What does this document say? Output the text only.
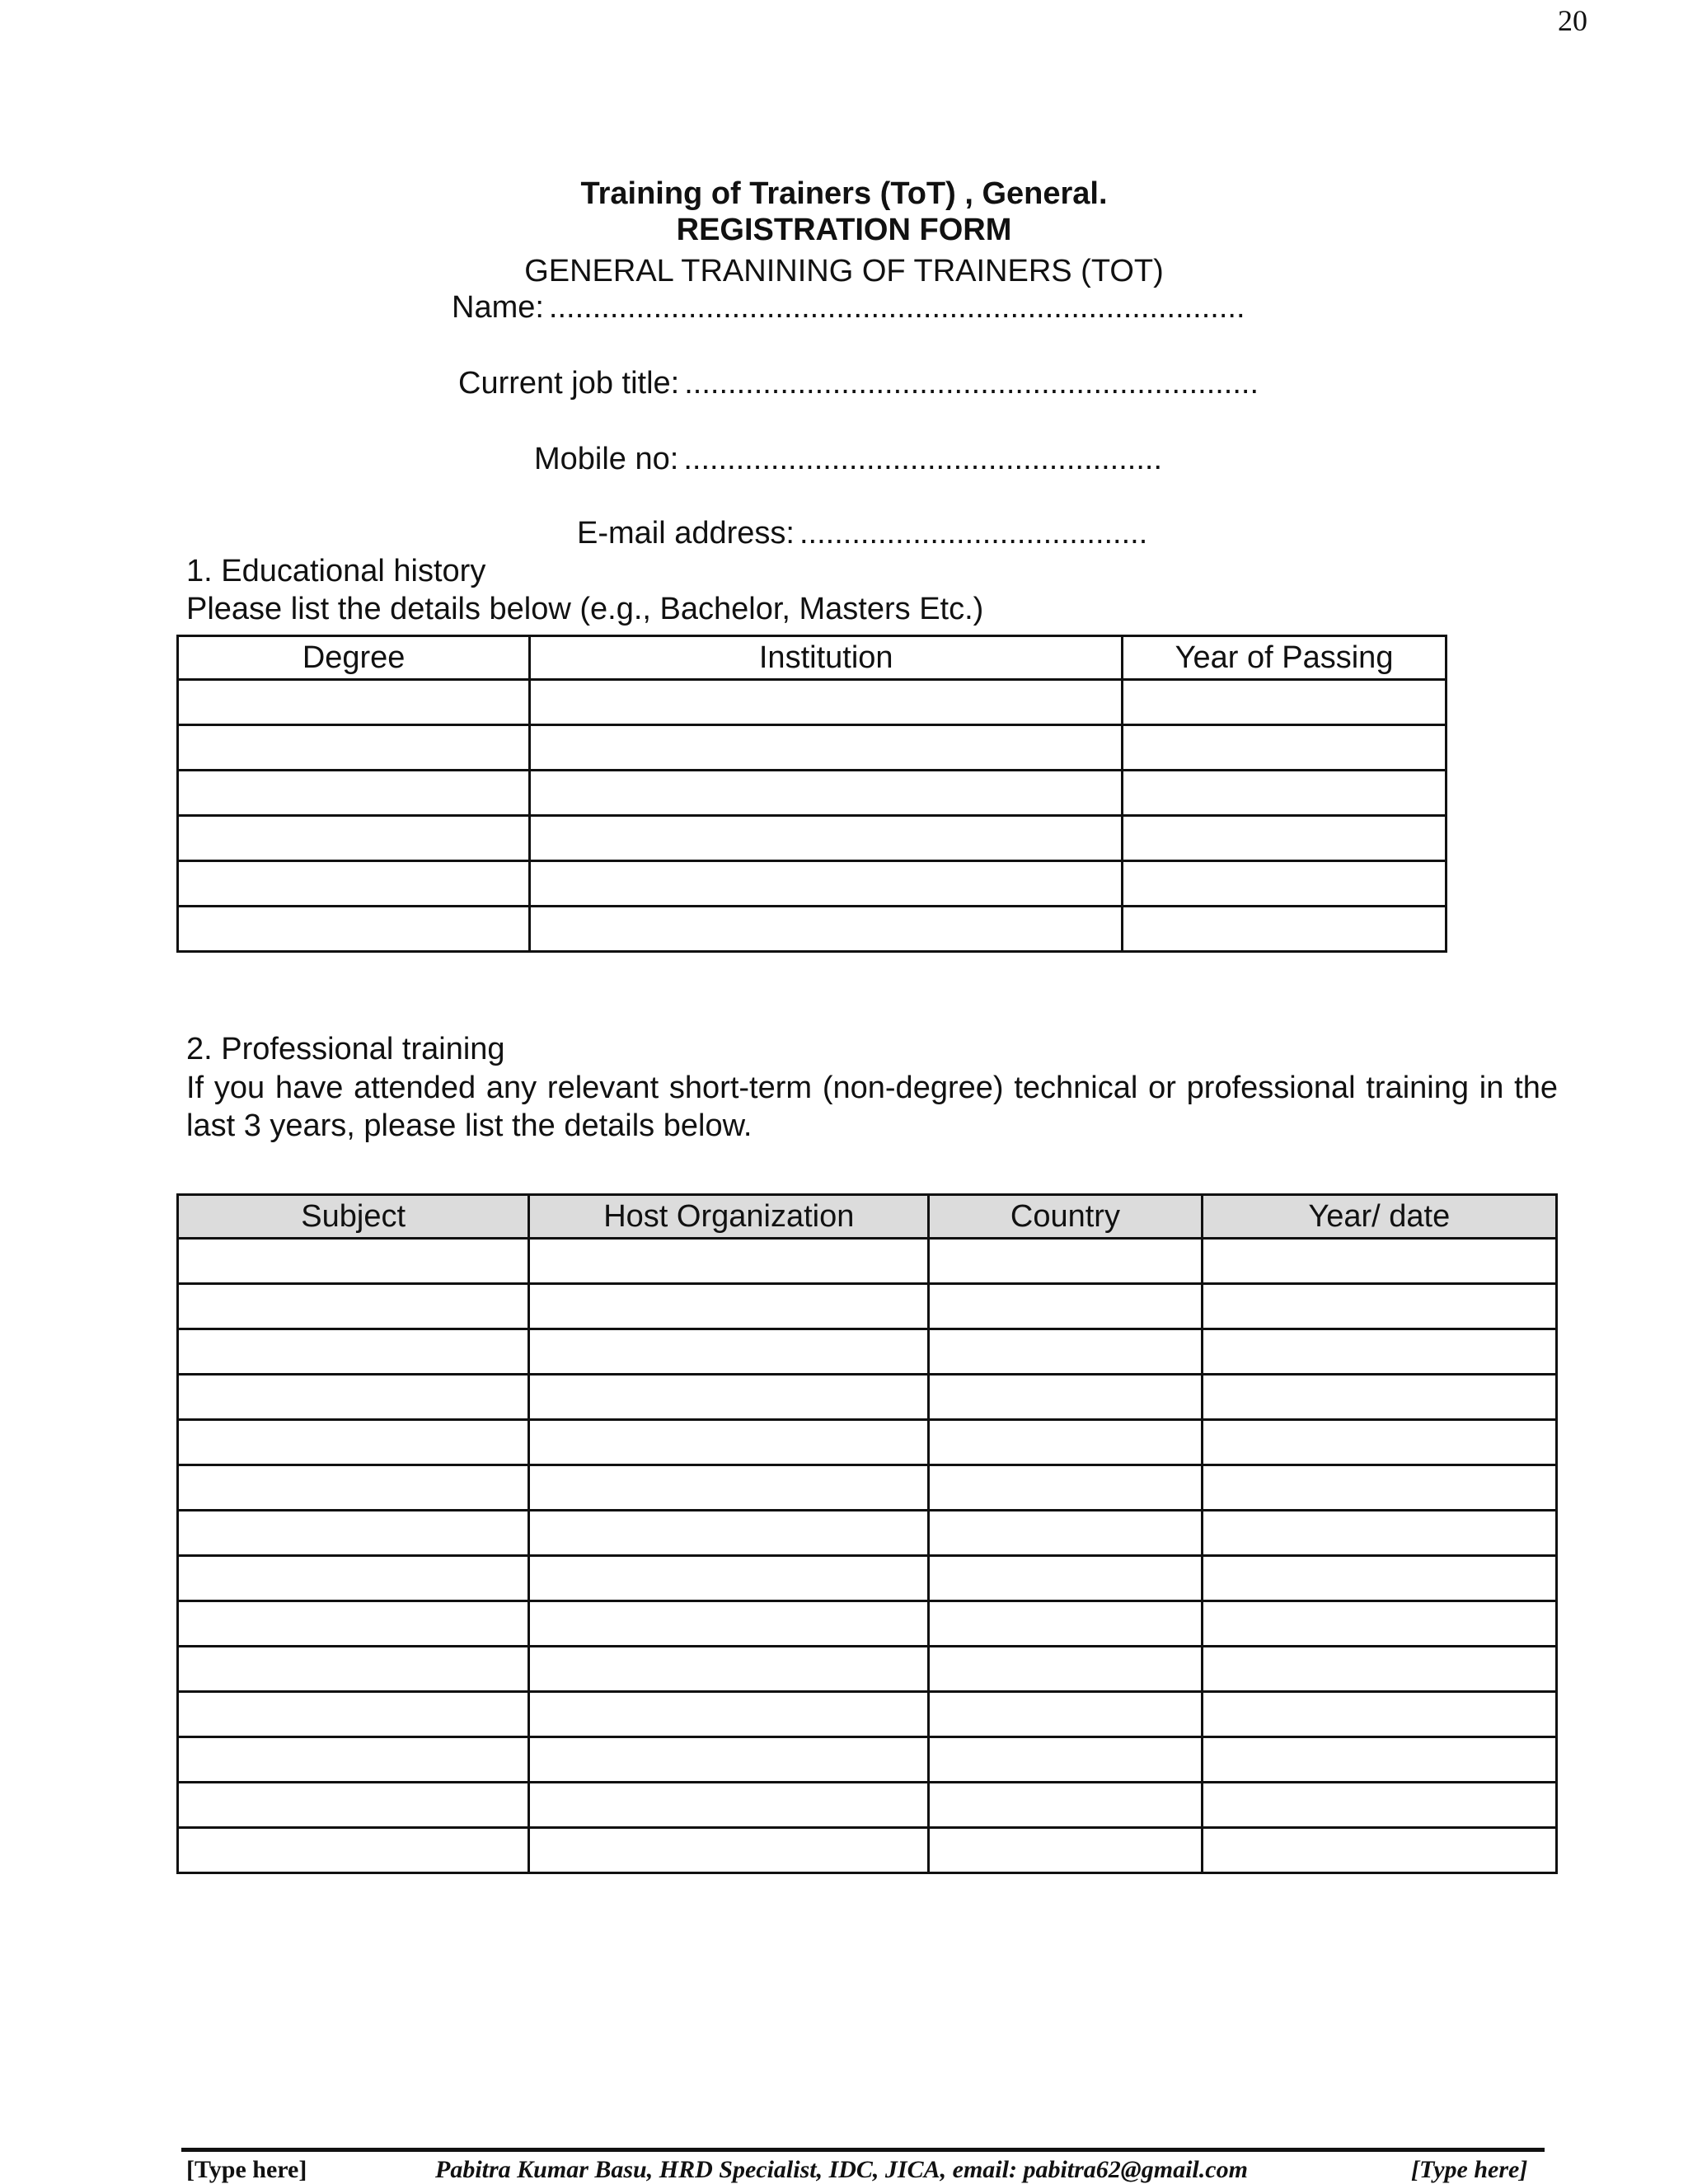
20
Training of Trainers (ToT) , General.
REGISTRATION FORM
GENERAL TRANINING OF TRAINERS (TOT)
Name: ................................................................................
Current job title: ..................................................................
Mobile no: .......................................................
E-mail address: ........................................
1. Educational history
Please list the details below (e.g., Bachelor, Masters Etc.)
Degree	Institution	Year of Passing

2. Professional training
If you have attended any relevant short-term (non-degree) technical or professional training in the last 3 years, please list the details below.
Subject	Host Organization	Country	Year/ date

[Type here]	Pabitra Kumar Basu, HRD Specialist, IDC, JICA, email: pabitra62@gmail.com	[Type here]
